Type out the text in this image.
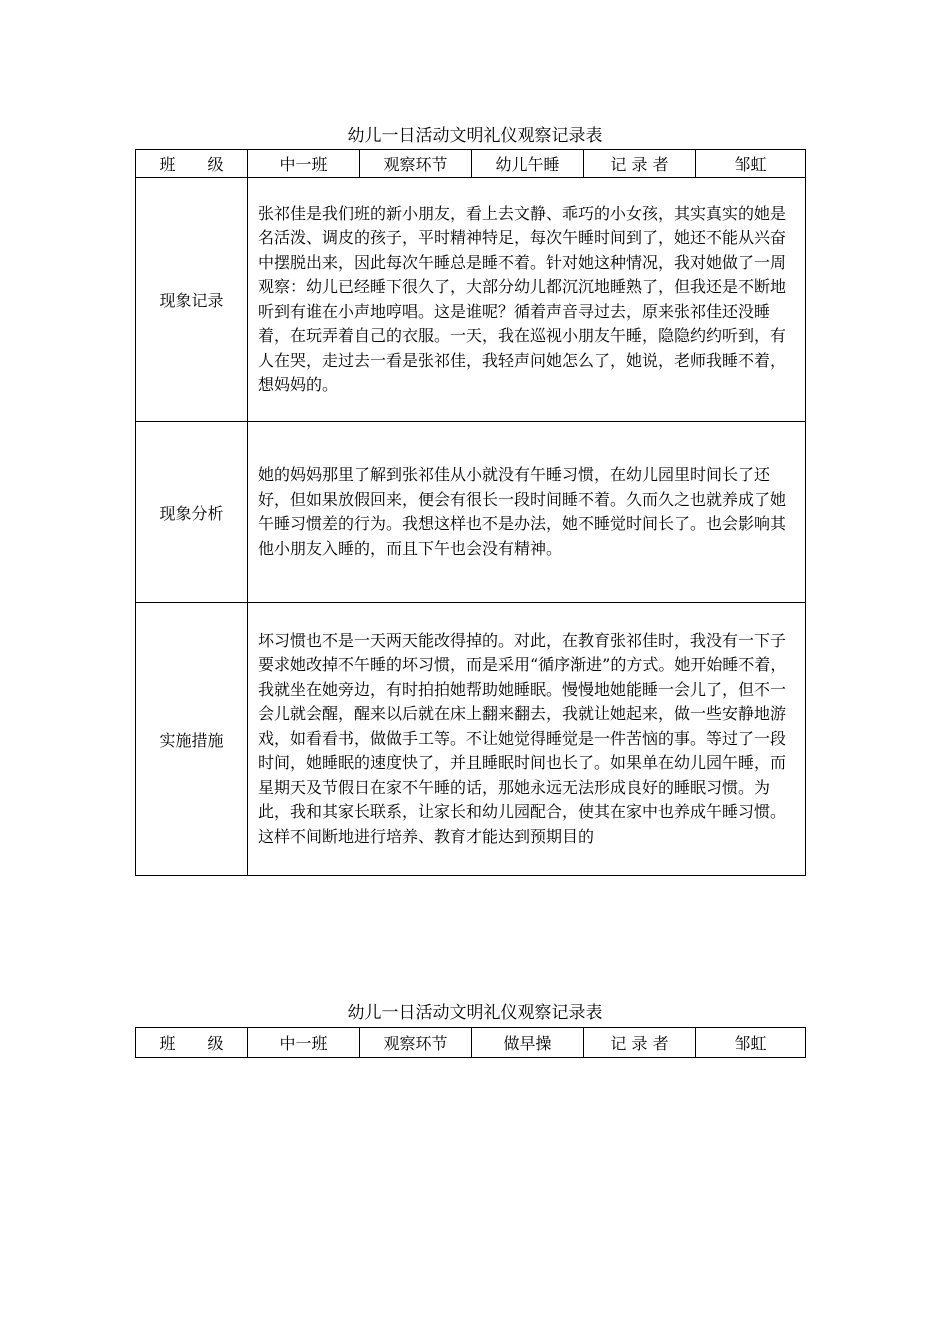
幼儿一日活动文明礼仪观察记录表
班　　级	中一班	观察环节	幼儿午睡	记 录 者	邹虹
现象记录	张祁佳是我们班的新小朋友，看上去文静、乖巧的小女孩，其实真实的她是名活泼、调皮的孩子，平时精神特足，每次午睡时间到了，她还不能从兴奋中摆脱出来，因此每次午睡总是睡不着。针对她这种情况，我对她做了一周观察：幼儿已经睡下很久了，大部分幼儿都沉沉地睡熟了，但我还是不断地听到有谁在小声地哼唱。这是谁呢？循着声音寻过去，原来张祁佳还没睡着，在玩弄着自己的衣服。一天，我在巡视小朋友午睡，隐隐约约听到，有人在哭，走过去一看是张祁佳，我轻声问她怎么了，她说，老师我睡不着，想妈妈的。				
现象分析	她的妈妈那里了解到张祁佳从小就没有午睡习惯，在幼儿园里时间长了还好，但如果放假回来，便会有很长一段时间睡不着。久而久之也就养成了她午睡习惯差的行为。我想这样也不是办法，她不睡觉时间长了。也会影响其他小朋友入睡的，而且下午也会没有精神。				
实施措施	坏习惯也不是一天两天能改得掉的。对此，在教育张祁佳时，我没有一下子要求她改掉不午睡的坏习惯，而是采用“循序渐进”的方式。她开始睡不着，我就坐在她旁边，有时拍拍她帮助她睡眠。慢慢地她能睡一会儿了，但不一会儿就会醒，醒来以后就在床上翻来翻去，我就让她起来，做一些安静地游戏，如看看书，做做手工等。不让她觉得睡觉是一件苦恼的事。等过了一段时间，她睡眠的速度快了，并且睡眠时间也长了。如果单在幼儿园午睡，而星期天及节假日在家不午睡的话，那她永远无法形成良好的睡眠习惯。为此，我和其家长联系，让家长和幼儿园配合，使其在家中也养成午睡习惯。这样不间断地进行培养、教育才能达到预期目的				
幼儿一日活动文明礼仪观察记录表
班　　级	中一班	观察环节	做早操	记 录 者	邹虹
